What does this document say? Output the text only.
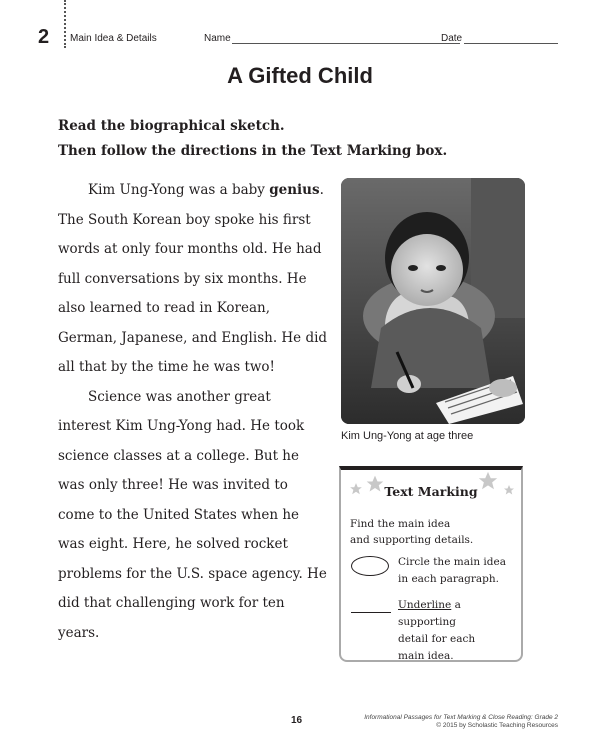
2 Main Idea & Details	Name	Date
A Gifted Child
Read the biographical sketch.
Then follow the directions in the Text Marking box.

Kim Ung-Yong was a baby genius. The South Korean boy spoke his first words at only four months old. He had full conversations by six months. He also learned to read in Korean, German, Japanese, and English. He did all that by the time he was two!

Science was another great interest Kim Ung-Yong had. He took science classes at a college. But he was only three! He was invited to come to the United States when he was eight. Here, he solved rocket problems for the U.S. space agency. He did that challenging work for ten years.

Kim Ung-Yong at age three
Text Marking
Find the main idea
and supporting details.
Circle the main idea
in each paragraph.
Underline a supporting
detail for each
main idea.
16	Informational Passages for Text Marking & Close Reading: Grade 2
© 2015 by Scholastic Teaching Resources
